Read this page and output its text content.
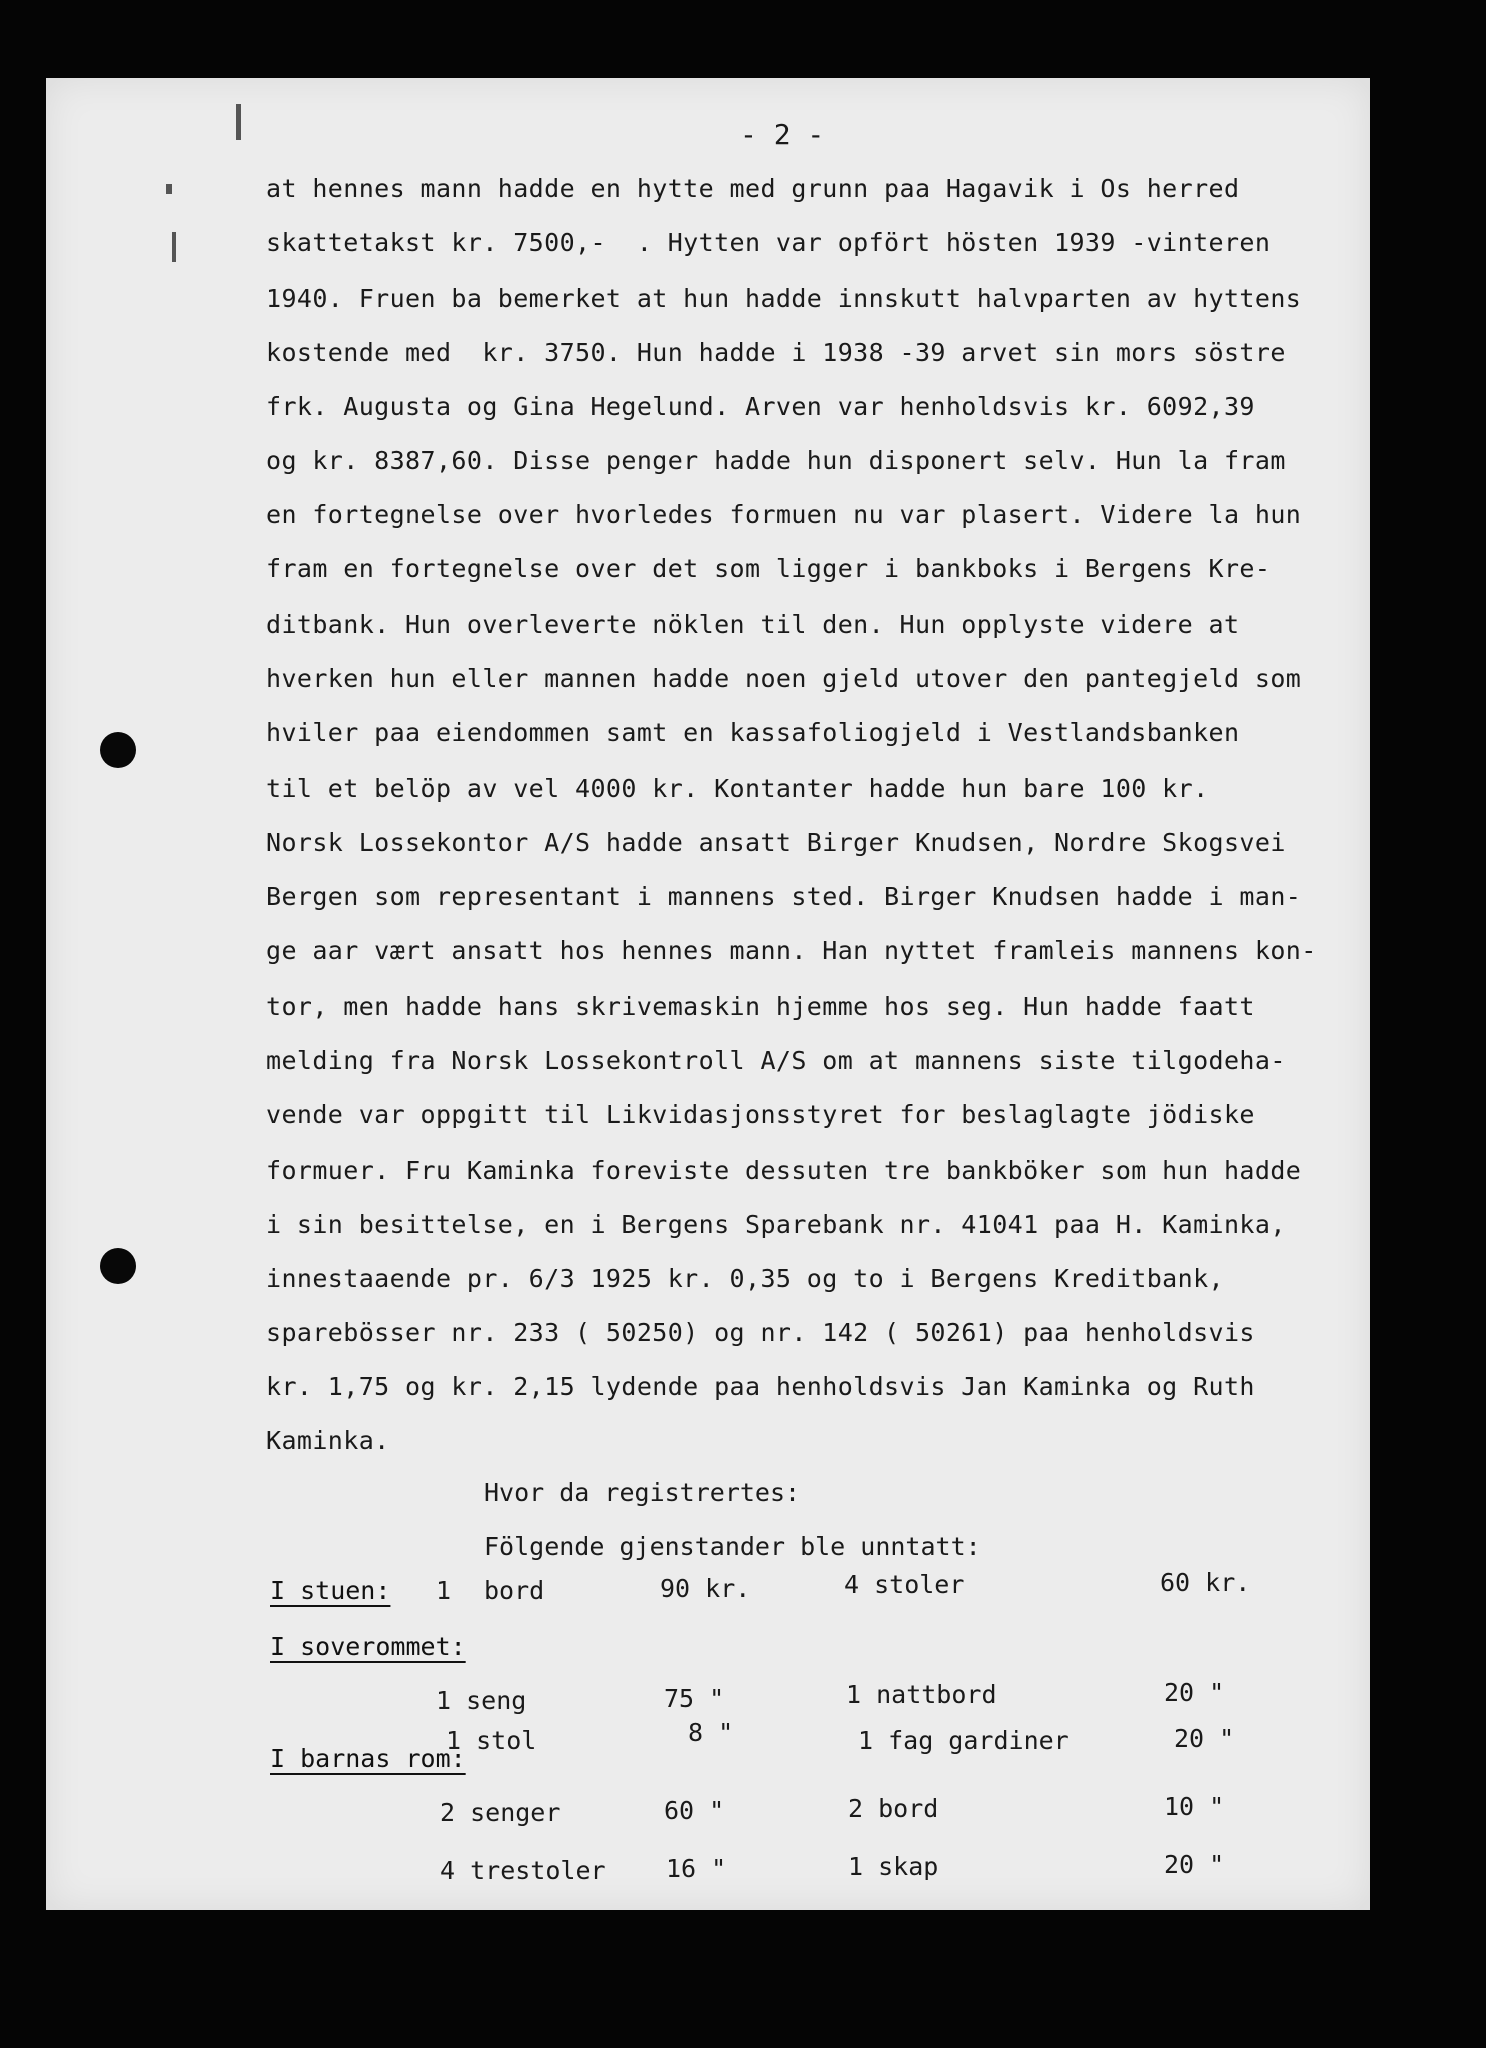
- 2 -
at hennes mann hadde en hytte med grunn paa Hagavik i Os herred
skattetakst kr. 7500,-  . Hytten var opfört hösten 1939 -vinteren
1940. Fruen ba bemerket at hun hadde innskutt halvparten av hyttens
kostende med  kr. 3750. Hun hadde i 1938 -39 arvet sin mors söstre
frk. Augusta og Gina Hegelund. Arven var henholdsvis kr. 6092,39
og kr. 8387,60. Disse penger hadde hun disponert selv. Hun la fram
en fortegnelse over hvorledes formuen nu var plasert. Videre la hun
fram en fortegnelse over det som ligger i bankboks i Bergens Kre-
ditbank. Hun overleverte nöklen til den. Hun opplyste videre at
hverken hun eller mannen hadde noen gjeld utover den pantegjeld som
hviler paa eiendommen samt en kassafoliogjeld i Vestlandsbanken
til et belöp av vel 4000 kr. Kontanter hadde hun bare 100 kr.
Norsk Lossekontor A/S hadde ansatt Birger Knudsen, Nordre Skogsvei
Bergen som representant i mannens sted. Birger Knudsen hadde i man-
ge aar vært ansatt hos hennes mann. Han nyttet framleis mannens kon-
tor, men hadde hans skrivemaskin hjemme hos seg. Hun hadde faatt
melding fra Norsk Lossekontroll A/S om at mannens siste tilgodeha-
vende var oppgitt til Likvidasjonsstyret for beslaglagte jödiske
formuer. Fru Kaminka foreviste dessuten tre bankböker som hun hadde
i sin besittelse, en i Bergens Sparebank nr. 41041 paa H. Kaminka,
innestaaende pr. 6/3 1925 kr. 0,35 og to i Bergens Kreditbank,
sparebösser nr. 233 ( 50250) og nr. 142 ( 50261) paa henholdsvis
kr. 1,75 og kr. 2,15 lydende paa henholdsvis Jan Kaminka og Ruth
Kaminka.
Hvor da registrertes:
Fölgende gjenstander ble unntatt:
I stuen: 1 bord	90 kr.	4 stoler	60 kr.
I soverommet:
1 seng	75 "	1 nattbord	20 "
1 stol	8 "	1 fag gardiner	20 "
I barnas rom:
2 senger	60 "	2 bord	10 "
4 trestoler 16 "	1 skap	20 "
